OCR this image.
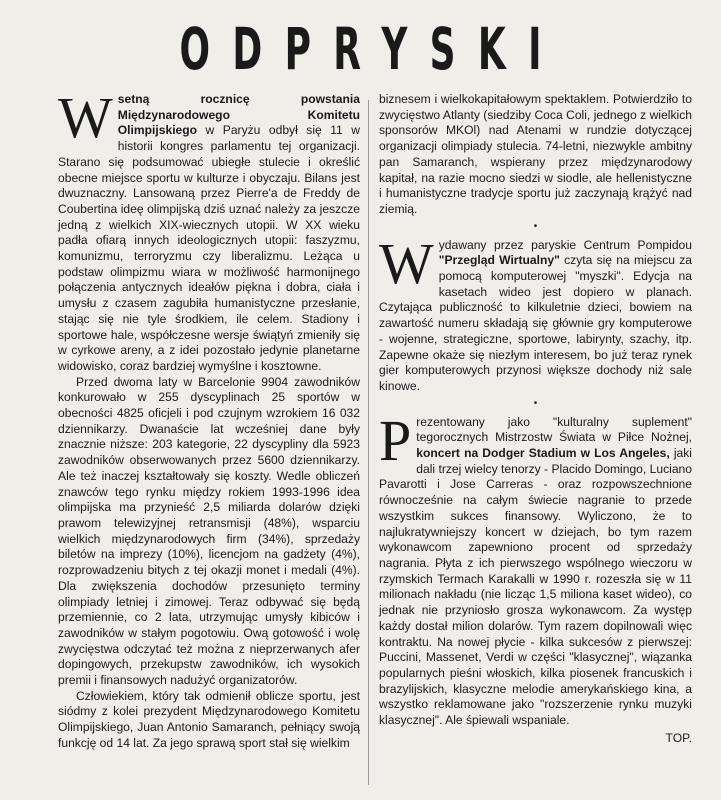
ODPRYSKI

Wsetną rocznicę powstania Międzynarodowego Komitetu Olimpijskiego w Paryżu odbył się 11 w historii kongres parlamentu tej organizacji. Starano się podsumować ubiegłe stulecie i określić obecne miejsce sportu w kulturze i obyczaju. Bilans jest dwuznaczny. Lansowaną przez Pierre'a de Freddy de Coubertina ideę olimpijską dziś uznać należy za jeszcze jedną z wielkich XIX-wiecznych utopii. W XX wieku padła ofiarą innych ideologicznych utopii: faszyzmu, komunizmu, terroryzmu czy liberalizmu. Leżąca u podstaw olimpizmu wiara w możliwość harmonijnego połączenia antycznych ideałów piękna i dobra, ciała i umysłu z czasem zagubiła humanistyczne przesłanie, stając się nie tyle środkiem, ile celem. Stadiony i sportowe hale, współczesne wersje świątyń zmieniły się w cyrkowe areny, a z idei pozostało jedynie planetarne widowisko, coraz bardziej wymyślne i kosztowne.

Przed dwoma laty w Barcelonie 9904 zawodników konkurowało w 255 dyscyplinach 25 sportów w obecności 4825 oficjeli i pod czujnym wzrokiem 16 032 dziennikarzy. Dwanaście lat wcześniej dane były znacznie niższe: 203 kategorie, 22 dyscypliny dla 5923 zawodników obserwowanych przez 5600 dziennikarzy. Ale też inaczej kształtowały się koszty. Wedle obliczeń znawców tego rynku między rokiem 1993-1996 idea olimpijska ma przynieść 2,5 miliarda dolarów dzięki prawom telewizyjnej retransmisji (48%), wsparciu wielkich międzynarodowych firm (34%), sprzedaży biletów na imprezy (10%), licencjom na gadżety (4%), rozprowadzeniu bitych z tej okazji monet i medali (4%). Dla zwiększenia dochodów przesunięto terminy olimpiady letniej i zimowej. Teraz odbywać się będą przemiennie, co 2 lata, utrzymując umysły kibiców i zawodników w stałym pogotowiu. Ową gotowość i wolę zwycięstwa odczytać też można z nieprzerwanych afer dopingowych, przekupstw zawodników, ich wysokich premii i finansowych nadużyć organizatorów.

Człowiekiem, który tak odmienił oblicze sportu, jest siódmy z kolei prezydent Międzynarodowego Komitetu Olimpijskiego, Juan Antonio Samaranch, pełniący swoją funkcję od 14 lat. Za jego sprawą sport stał się wielkim

biznesem i wielkokapitałowym spektaklem. Potwierdziło to zwycięstwo Atlanty (siedziby Coca Coli, jednego z wielkich sponsorów MKOl) nad Atenami w rundzie dotyczącej organizacji olimpiady stulecia. 74-letni, niezwykle ambitny pan Samaranch, wspierany przez międzynarodowy kapitał, na razie mocno siedzi w siodle, ale hellenistyczne i humanistyczne tradycje sportu już zaczynają krążyć nad ziemią.

•

Wydawany przez paryskie Centrum Pompidou "Przegląd Wirtualny" czyta się na miejscu za pomocą komputerowej "myszki". Edycja na kasetach wideo jest dopiero w planach. Czytająca publiczność to kilkuletnie dzieci, bowiem na zawartość numeru składają się głównie gry komputerowe - wojenne, strategiczne, sportowe, labirynty, szachy, itp. Zapewne okaże się niezłym interesem, bo już teraz rynek gier komputerowych przynosi większe dochody niż sale kinowe.

•

Prezentowany jako "kulturalny suplement" tegorocznych Mistrzostw Świata w Piłce Nożnej, koncert na Dodger Stadium w Los Angeles, jaki dali trzej wielcy tenorzy - Placido Domingo, Luciano Pavarotti i Jose Carreras - oraz rozpowszechnione równocześnie na całym świecie nagranie to przede wszystkim sukces finansowy. Wyliczono, że to najlukratywniejszy koncert w dziejach, bo tym razem wykonawcom zapewniono procent od sprzedaży nagrania. Płyta z ich pierwszego wspólnego wieczoru w rzymskich Termach Karakalli w 1990 r. rozeszła się w 11 milionach nakładu (nie licząc 1,5 miliona kaset wideo), co jednak nie przyniosło grosza wykonawcom. Za występ każdy dostał milion dolarów. Tym razem dopilnowali więc kontraktu. Na nowej płycie - kilka sukcesów z pierwszej: Puccini, Massenet, Verdi w części "klasycznej", wiązanka popularnych pieśni włoskich, kilka piosenek francuskich i brazylijskich, klasyczne melodie amerykańskiego kina, a wszystko reklamowane jako "rozszerzenie rynku muzyki klasycznej". Ale śpiewali wspaniale.

TOP.
